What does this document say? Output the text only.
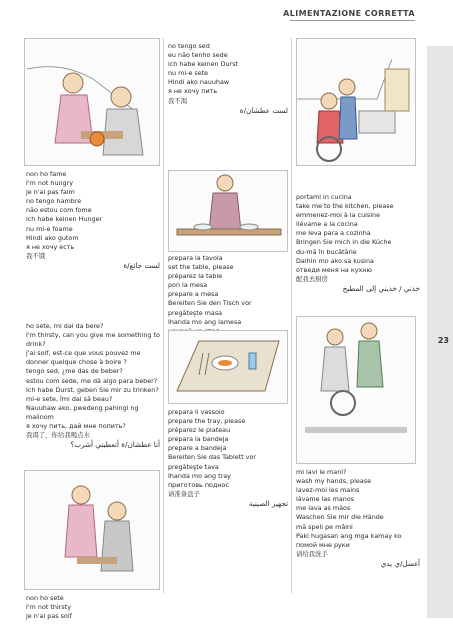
ALIMENTAZIONE CORRETTA
23
no tengo sed
eu não tenho sede
ich habe keinen Durst
nu mi-e sete
Hindi ako nauuhaw
я не хочу пить
我不渴
لست عطشان/ة
non ho fame
I'm not hungry
je n'ai pas faim
no tengo hambre
não estou com fome
ich habe keinen Hunger
nu mi-e foame
Hindi ako gutom
я не хочу есть
我不饿
لست جائع/ة
portami in cucina
take me to the kitchen, please
emmenez-moi à la cuisine
llévame a la cocina
me leva para a cozinha
Bringen Sie mich in die Küche
du-mă în bucătărie
Dalhin mo ako sa kusina
отведи меня на кухню
配我去厨房
خذني / خذيني إلى المطبخ
prepara la tavola
set the table, please
préparez la table
pon la mesa
prepare a mesa
Bereiten Sie den Tisch vor
pregăteşte masa
Ihanda mo ang lamesa
ho sete, mi dai da bere?
I'm thirsty, can you give me something to drink?
j'ai soif, est-ce que vous pouvez me donner quelque chose à boire ?
tengo sed, ¿me das de beber?
estou com sede, me dá algo para beber?
Ich habe Durst, geben Sie mir zu trinken?
mi-e sete, îmi dai să beau?
Nauuhaw ako, pwedeng pahingi ng maiinom
я хочу пить, дай мне попить?
我渴了，你给我喝点水
أنا عطشان/ة أتعطيني أشرب؟
prepara il vassoio
prepare the tray, please
préparez le plateau
prepara la bandeja
prepare a bandeja
Bereiten Sie das Tablett vor
pregăteşte tava
Ihanda mo ang tray
приготовь поднос
请准备盘子
تجهيز الصينية
mi lavi le mani?
wash my hands, please
lavez-moi les mains
lávame las manos
me lava as mãos
Waschen Sie mir die Hände
mă speli pe mâini
Paki hugasan ang mga kamay ko
помой мне руки
请给我洗手
أغسل/ي يدي
non ho sete
I'm not thirsty
je n'ai pas soif
